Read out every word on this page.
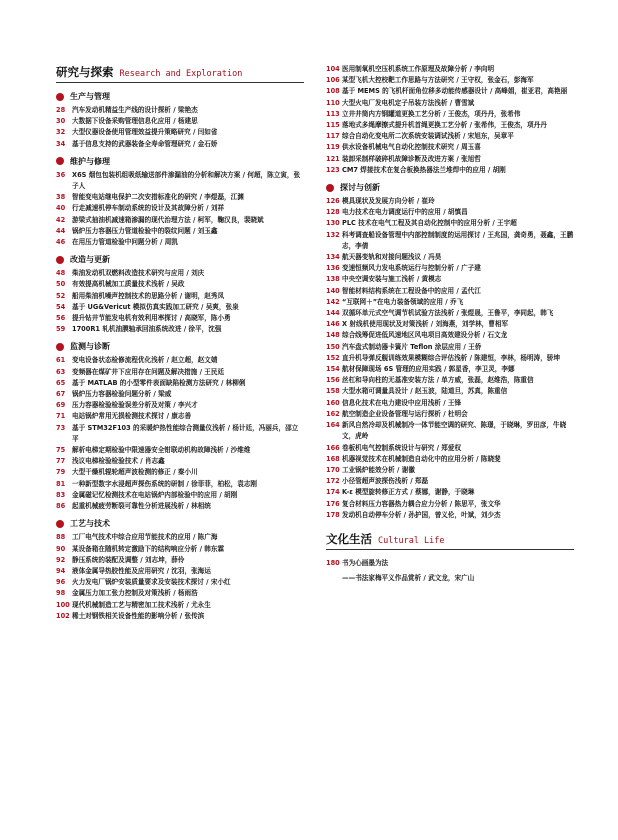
研究与探索 Research and Exploration
生产与管理
28	汽车发动机精益生产线的设计探析 / 梁艳杰
30	大数据下设备采购管理信息化应用 / 杨建思
32	大型仪器设备使用管理效益提升策略研究 / 闫如省
34	基于信息支持的武器装备全寿命管理研究 / 金石娇
维护与修理
36	X6S 烟包包装机组吸纸输送部件渗漏油的分析和解决方案 / 何超，陈立寅，张子人
38	智能变电站继电保护二次安措标准化的研究 / 李煜磊，江渊
40	行走减速机停车制动系统的设计及其故障分析 / 刘祥
42	游梁式抽油机减速箱渗漏的现代治理方法 / 柯军，鞠汉良，裴晓斌
44	锅炉压力容器压力管道检验中的裂纹问题 / 刘玉鑫
46	在用压力管道检验中问题分析 / 周凯
改造与更新
48	柴油发动机双燃料改造技术研究与应用 / 刘庆
50	有效提高机械加工质量技术浅析 / 吴政
52	船用柴油机噪声控制技术的思路分析 / 谢明，赵秀凤
54	基于 UG&Vericut 模拟仿真实践加工研究 / 吴爽，张泉
56	提升钻井节能发电机有效利用率探讨 / 高晓军，陈小勇
59	1700R1 轧机油膜轴承回油系统改进 / 徐平，沈强
监测与诊断
61	变电设备状态检修流程优化浅析 / 赵立超，赵文婧
63	变频器在煤矿井下应用存在问题及解决措施 / 王民廷
65	基于 MATLAB 的小型零件表面缺陷检测方法研究 / 林柳俐
67	锅炉压力容器检验问题分析 / 梁威
69	压力容器检验检验误差分析及对策 / 李兴才
71	电站锅炉常用无损检测技术探讨 / 康志善
73	基于 STM32F103 的采暖炉热性能综合测量仪浅析 / 杨计廷，冯丽兵，邵立平
75	解析电梯定期检验中限速器安全钳联动机构故障浅析 / 沙维维
77	浅议电梯检验检验技术 / 肖志鑫
79	大型干燥机辊轮超声波检测的修正 / 秦小川
81	一种新型数字水浸超声探伤系统的研制 / 徐菲菲，柏松，袁志刚
83	金属磁记忆检测技术在电站锅炉内部检验中的应用 / 胡刚
86	起重机械疲劳断裂可靠性分析进展浅析 / 林相统
工艺与技术
88	工厂电气技术中综合应用节能技术的应用 / 陈广海
90	某设备箱在随机转定激励下的结构响应分析 / 韩东霖
92	静压系统的装配及调整 / 刘志坤，薛伶
94	液体金属导热胶性能及应用研究 / 沈羽，张海运
96	火力发电厂锅炉安装质量要求及安装技术探讨 / 宋小红
98	金属压力加工张力控制及对策浅析 / 杨雨浩
100 现代机械制造工艺与精密加工技术浅析 / 尤永生
102 稀土对钢铁相关设备性能的影响分析 / 张传滨
104 医用制氧机空压机系统工作原理及故障分析 / 李向明
106 某型飞机大控校靶工作思路与方法研究 / 王守权，张金石，彭海军
108 基于 MEMS 的飞机杆面角位移多动能传感器设计 / 高峰娟，崔亚君，高艳丽
110 大型火电厂发电机定子吊装方法浅析 / 曹雪斌
113 立井井筒内方钢罐道更换工艺分析 / 王俊杰，项丹丹，张希伟
115 落地式多绳摩擦式提升机首绳更换工艺分析 / 张希伟，王俊杰，项丹丹
117 综合自动化变电所二次系统安装调试浅析 / 宋旭东，吴章平
119 供水设备机械电气自动化控制技术研究 / 周玉喜
121 装卸采制样破碎机故障诊断及改进方案 / 张旭哲
123 CM7 焊接技术在复合板换热器法兰堆焊中的应用 / 胡刚
探讨与创新
126 模具现状及发展方向分析 / 崔玲
128 电力技术在电力调度运行中的应用 / 胡慎昌
130 PLC 技术在电气工程及其自动化控制中的应用分析 / 王宇超
132 科考调查船设备管理中内部控制制度的运用探讨 / 王兆国，龚奇勇，聂鑫，王鹏志，李倩
134 航天器变轨和对接问题浅议 / 冯昊
136 变速恒频风力发电系统运行与控制分析 / 广子建
138 中央空调安装与施工浅析 / 黄模志
140 智能材料结构系统在工程设备中的应用 / 孟代江
142 “互联网＋”在电力装备领域的应用 / 乔飞
144 双循环单元式空气调节机试验方法浅析 / 张煜晟，王鲁平，李同起，韩飞
146 X 射线机使用现状及对策浅析 / 刘海燕，刘学林，曹相军
148 综合线筹促进低风速地区风电项目高效建设分析 / 石文龙
150 汽车盘式制动器卡簧片 Teflon 涂层应用 / 王侨
152 直升机导弹反舰训练效果模糊综合评估浅析 / 陈建恒，李林，杨明涛，骄坤
154 航材保障现场 6S 管理的应用实践 / 郭星香，李卫灵，李娜
156 丝杠和导向柱的无基准安装方法 / 单方威，张磊，赵维浩，陈重信
158 大型水箱可调量具设计 / 赵玉波，陆道旦，苏真，陈重信
160 信息化技术在电力建设中应用浅析 / 王锋
162 航空制造企业设备管理与运行探析 / 杜明会
164 新风自然冷却及机械制冷一体节能空调的研究、陈璟，于晓琳，罗田彦，牛晓文，虎岭
166 卷板机电气控制系统设计与研究 / 郑爱权
168 机器视觉技术在机械制造自动化中的应用分析 / 陈晓斐
170 工业锅炉能效分析 / 谢徽
172 小径管超声波探伤浅析 / 郑磊
174 K-ε 模型旋转修正方式 / 蔡娜，谢静，于晓琳
176 复合材料压力容器热力耦合应力分析 / 陈思平，张文华
178 发动机自动停车分析 / 孙护国，曾义伦，叶斌，刘少杰
文化生活 Cultural Life
180 书为心画墨为法
——书法家梅平义作品赏析 / 武文龙，宋广山
